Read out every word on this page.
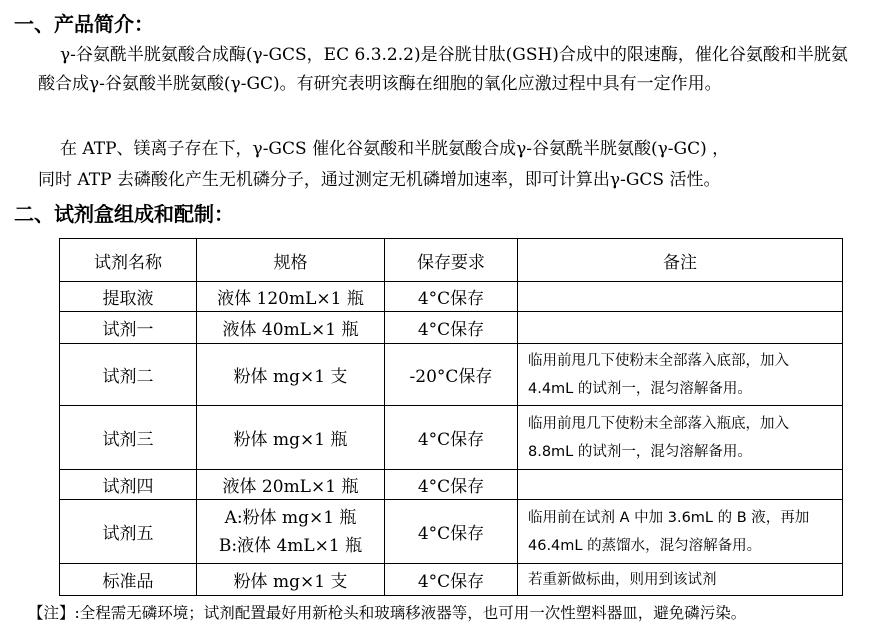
一、产品简介：
γ-谷氨酰半胱氨酸合成酶(γ-GCS，EC 6.3.2.2)是谷胱甘肽(GSH)合成中的限速酶，催化谷氨酸和半胱氨酸合成γ-谷氨酸半胱氨酸(γ-GC)。有研究表明该酶在细胞的氧化应激过程中具有一定作用。
在 ATP、镁离子存在下，γ-GCS 催化谷氨酸和半胱氨酸合成γ-谷氨酰半胱氨酸(γ-GC) ，
同时 ATP 去磷酸化产生无机磷分子，通过测定无机磷增加速率，即可计算出γ-GCS 活性。
二、试剂盒组成和配制：
试剂名称	规格	保存要求	备注
提取液	液体 120mL×1 瓶	4°C保存	
试剂一	液体 40mL×1 瓶	4°C保存	
试剂二	粉体 mg×1 支	-20°C保存	临用前甩几下使粉末全部落入底部，加入 4.4mL 的试剂一，混匀溶解备用。
试剂三	粉体 mg×1 瓶	4°C保存	临用前甩几下使粉末全部落入瓶底，加入 8.8mL 的试剂一，混匀溶解备用。
试剂四	液体 20mL×1 瓶	4°C保存	
试剂五	A:粉体 mg×1 瓶
B:液体 4mL×1 瓶	4°C保存	临用前在试剂 A 中加 3.6mL 的 B 液，再加 46.4mL 的蒸馏水，混匀溶解备用。
标准品	粉体 mg×1 支	4°C保存	若重新做标曲，则用到该试剂
【注】:全程需无磷环境；试剂配置最好用新枪头和玻璃移液器等，也可用一次性塑料器皿，避免磷污染。
